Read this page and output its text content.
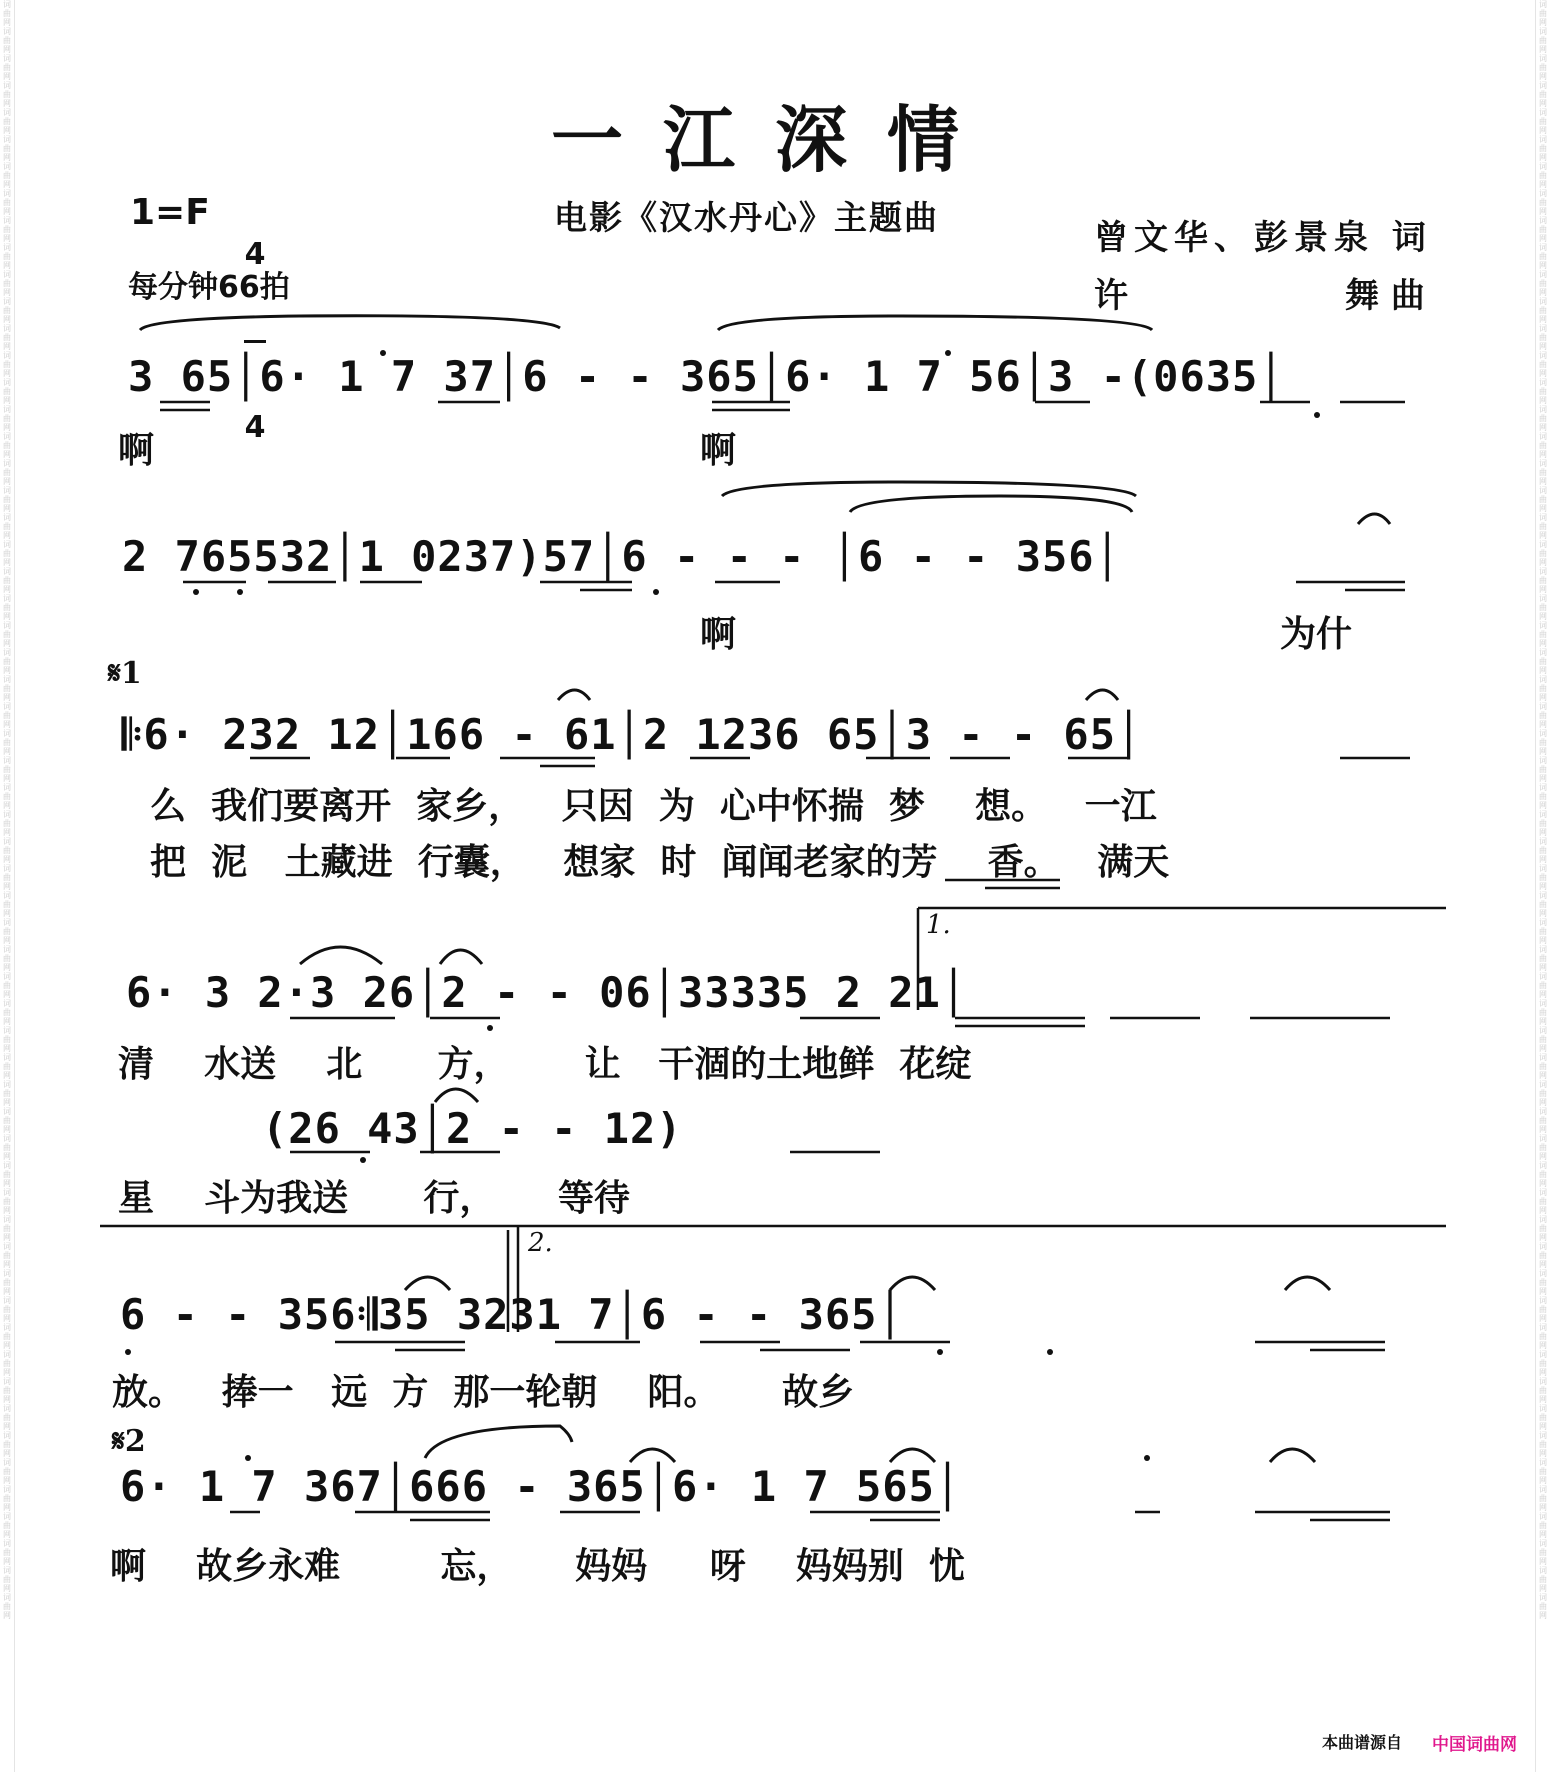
词
曲
网
词
曲
网
词
曲
网
词
曲
网
词
曲
网
词
曲
网
词
曲
网
词
曲
网
词
曲
网
词
曲
网
词
曲
网
词
曲
网
词
曲
网
词
曲
网
词
曲
网
词
曲
网
词
曲
网
词
曲
网
词
曲
网
词
曲
网
词
曲
网
词
曲
网
词
曲
网
词
曲
网
词
曲
网
词
曲
网
词
曲
网
词
曲
网
词
曲
网
词
曲
网
词
曲
网
词
曲
网
词
曲
网
词
曲
网
词
曲
网
词
曲
网
词
曲
网
词
曲
网
词
曲
网
词
曲
网
词
曲
网
词
曲
网
词
曲
网
词
曲
网
词
曲
网
词
曲
网
词
曲
网
词
曲
网
词
曲
网
词
曲
网
词
曲
网
词
曲
网
词
曲
网
词
曲
网
词
曲
网
词
曲
网
词
曲
网
词
曲
网
词
曲
网
词
曲
网
词
曲
网
词
曲
网
词
曲
网
词
曲
网
词
曲
网
词
曲
网
词
曲
网
词
曲
网
词
曲
网
词
曲
网
词
曲
网
词
曲
网
词
曲
网
词
曲
网
词
曲
网
词
曲
网
词
曲
网
词
曲
网
词
曲
网
词
曲
网
词
曲
网
词
曲
网
词
曲
网
词
曲
网
词
曲
网
词
曲
网
词
曲
网
词
曲
网
词
曲
网
词
曲
网
词
曲
网
词
曲
网
词
曲
网
词
曲
网
词
曲
网
词
曲
网
词
曲
网
词
曲
网
词
曲
网
词
曲
网
词
曲
网
词
曲
网
词
曲
网
词
曲
网
词
曲
网
词
曲
网
词
曲
网
词
曲
网
词
曲
网
词
曲
网
词
曲
网
词
曲
网
词
曲
网
词
曲
网
词
曲
网
词
曲
网
词
曲
网
词
曲
网
词
曲
网
词
曲
网
一江深情
1=F

4

4

每分钟66拍
电影《汉水丹心》主题曲
曾文华、彭景泉 词
许	舞 曲
3 65│6· 1 7 37│6 - - 365│6· 1 7 56│3 -(0635│
啊	啊
2 765532│1 0237)57│6 - - - │6 - - 356│
啊	为什
𝄋1
𝄆6· 232 12│166 - 61│2 1236 65│3 - - 65│
么  我们要离开  家乡，   只因  为  心中怀揣  梦    想。   一江
把  泥   土藏进  行囊，   想家  时  闻闻老家的芳    香。   满天
1.
6· 3 2·3 26│2 - - 06│33335 2 21│
清    水送    北      方，      让   干涸的土地鲜  花绽
(26 43│2 - - 12)
星    斗为我送      行，     等待
2.
6 - - 356𝄇35 3231 7│6 - - 365│
放。   捧一   远  方  那一轮朝    阳。     故乡
𝄋2
6· 1 7 367│666 - 365│6· 1 7 565│
啊    故乡永难        忘，     妈妈     呀    妈妈别  忧
本曲谱源自 中国词曲网
